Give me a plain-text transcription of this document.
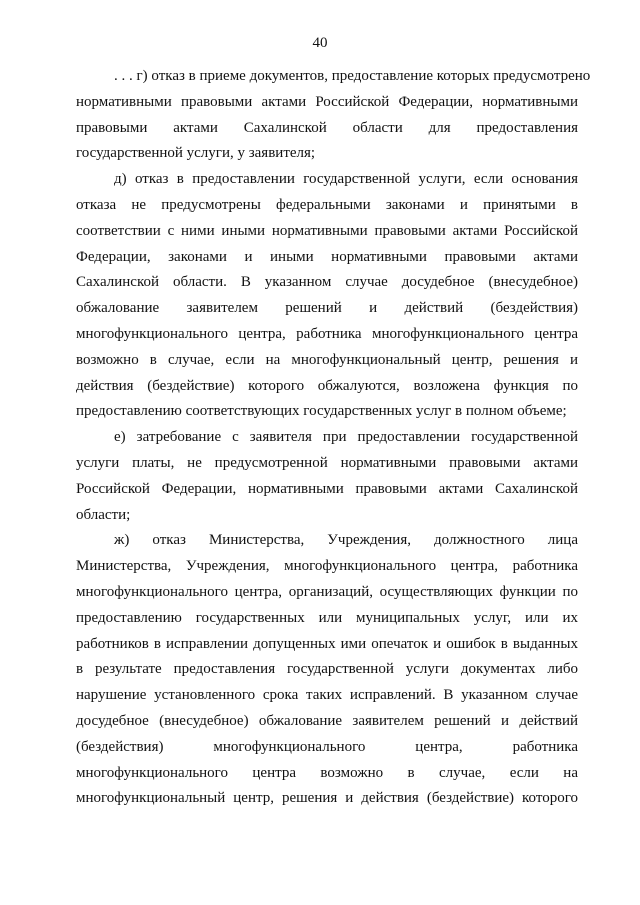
40
. . . г) отказ в приеме документов, предоставление которых предусмотрено
нормативными правовыми актами Российской Федерации, нормативными
правовыми актами Сахалинской области для предоставления
государственной услуги, у заявителя;
д) отказ в предоставлении государственной услуги, если основания
отказа не предусмотрены федеральными законами и принятыми в
соответствии с ними иными нормативными правовыми актами Российской
Федерации, законами и иными нормативными правовыми актами
Сахалинской области. В указанном случае досудебное (внесудебное)
обжалование заявителем решений и действий (бездействия)
многофункционального центра, работника многофункционального центра
возможно в случае, если на многофункциональный центр, решения и
действия (бездействие) которого обжалуются, возложена функция по
предоставлению соответствующих государственных услуг в полном объеме;
е) затребование с заявителя при предоставлении государственной
услуги платы, не предусмотренной нормативными правовыми актами
Российской Федерации, нормативными правовыми актами Сахалинской
области;
ж) отказ Министерства, Учреждения, должностного лица
Министерства, Учреждения, многофункционального центра, работника
многофункционального центра, организаций, осуществляющих функции по
предоставлению государственных или муниципальных услуг, или их
работников в исправлении допущенных ими опечаток и ошибок в выданных
в результате предоставления государственной услуги документах либо
нарушение установленного срока таких исправлений. В указанном случае
досудебное (внесудебное) обжалование заявителем решений и действий
(бездействия) многофункционального центра, работника
многофункционального центра возможно в случае, если на
многофункциональный центр, решения и действия (бездействие) которого
